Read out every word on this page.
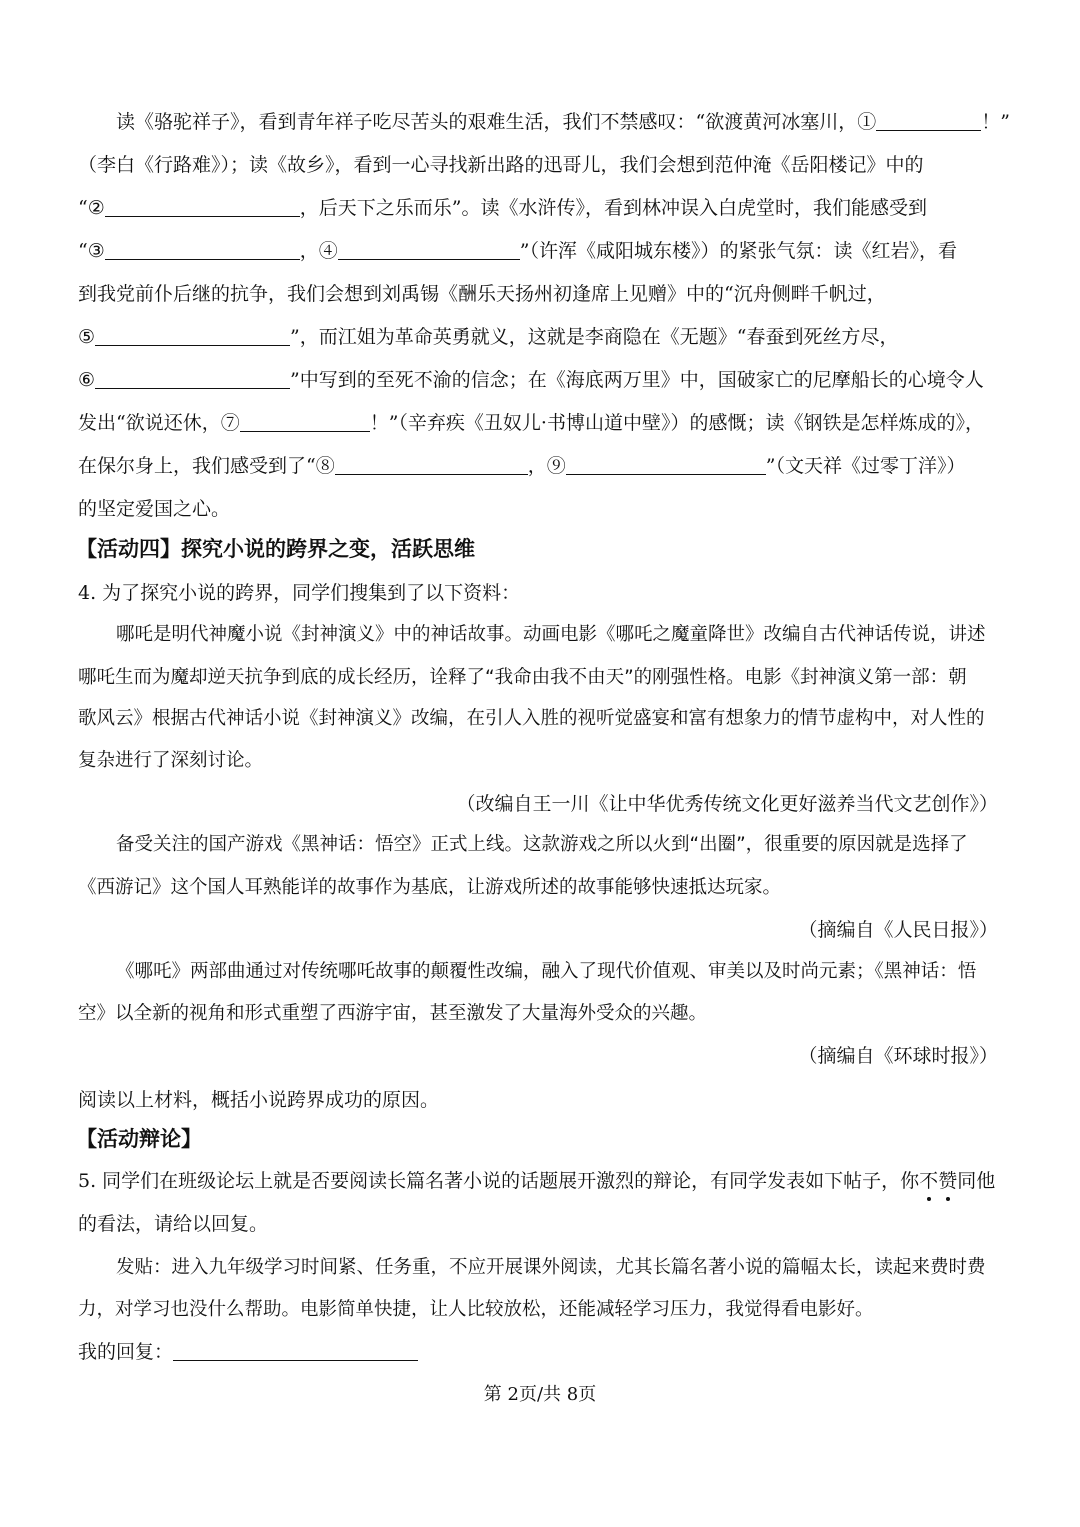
读《骆驼祥子》，看到青年祥子吃尽苦头的艰难生活，我们不禁感叹：“欲渡黄河冰塞川，①	！”
（李白《行路难》）；读《故乡》，看到一心寻找新出路的迅哥儿，我们会想到范仲淹《岳阳楼记》中的
“②	，后天下之乐而乐”。读《水浒传》，看到林冲误入白虎堂时，我们能感受到
“③	，④	”（许浑《咸阳城东楼》）的紧张气氛：读《红岩》，看
到我党前仆后继的抗争，我们会想到刘禹锡《酬乐天扬州初逢席上见赠》中的“沉舟侧畔千帆过，
⑤	”，而江姐为革命英勇就义，这就是李商隐在《无题》“春蚕到死丝方尽，
⑥	”中写到的至死不渝的信念；在《海底两万里》中，国破家亡的尼摩船长的心境令人
发出“欲说还休，⑦	！”（辛弃疾《丑奴儿·书博山道中壁》）的感慨；读《钢铁是怎样炼成的》，
在保尔身上，我们感受到了“⑧	，⑨	”（文天祥《过零丁洋》）
的坚定爱国之心。
【活动四】探究小说的跨界之变，活跃思维
4. 为了探究小说的跨界，同学们搜集到了以下资料：
哪吒是明代神魔小说《封神演义》中的神话故事。动画电影《哪吒之魔童降世》改编自古代神话传说，讲述
哪吒生而为魔却逆天抗争到底的成长经历，诠释了“我命由我不由天”的刚强性格。电影《封神演义第一部：朝
歌风云》根据古代神话小说《封神演义》改编，在引人入胜的视听觉盛宴和富有想象力的情节虚构中，对人性的
复杂进行了深刻讨论。
（改编自王一川《让中华优秀传统文化更好滋养当代文艺创作》）
备受关注的国产游戏《黑神话：悟空》正式上线。这款游戏之所以火到“出圈”，很重要的原因就是选择了
《西游记》这个国人耳熟能详的故事作为基底，让游戏所述的故事能够快速抵达玩家。
（摘编自《人民日报》）
《哪吒》两部曲通过对传统哪吒故事的颠覆性改编，融入了现代价值观、审美以及时尚元素；《黑神话：悟
空》以全新的视角和形式重塑了西游宇宙，甚至激发了大量海外受众的兴趣。
（摘编自《环球时报》）
阅读以上材料，概括小说跨界成功的原因。
【活动辩论】
5. 同学们在班级论坛上就是否要阅读长篇名著小说的话题展开激烈的辩论，有同学发表如下帖子，你不赞同他
的看法，请给以回复。
发贴：进入九年级学习时间紧、任务重，不应开展课外阅读，尤其长篇名著小说的篇幅太长，读起来费时费
力，对学习也没什么帮助。电影简单快捷，让人比较放松，还能减轻学习压力，我觉得看电影好。
我的回复：
第 2页/共 8页
